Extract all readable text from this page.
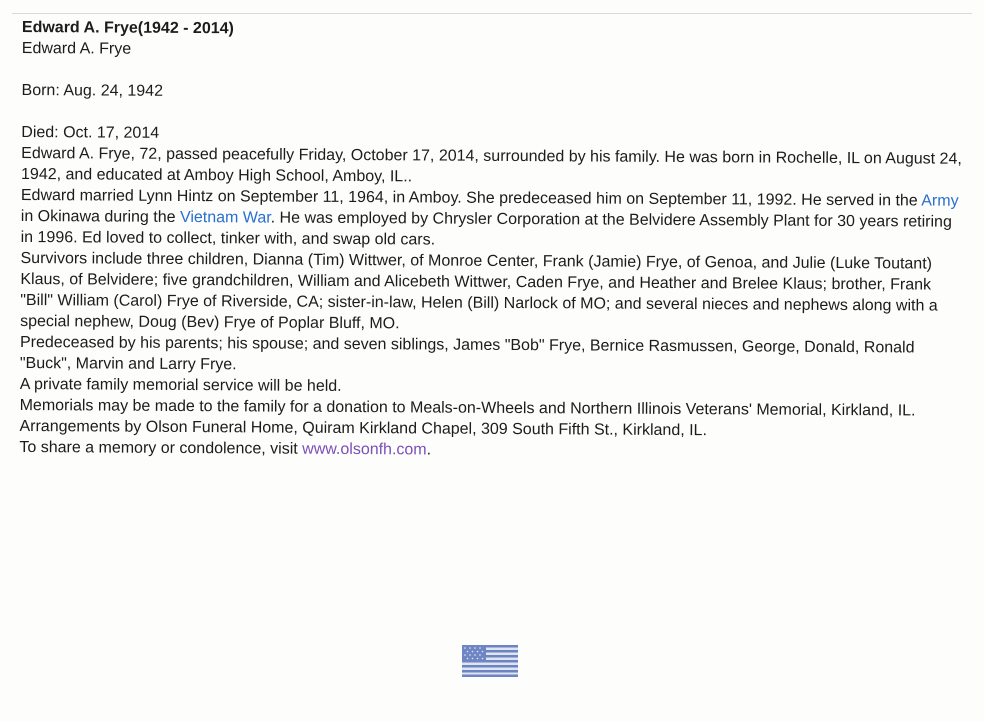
Edward A. Frye(1942 - 2014)

Edward A. Frye

Born: Aug. 24, 1942

Died: Oct. 17, 2014

Edward A. Frye, 72, passed peacefully Friday, October 17, 2014, surrounded by his family. He was born in Rochelle, IL on August 24, 1942, and educated at Amboy High School, Amboy, IL..

Edward married Lynn Hintz on September 11, 1964, in Amboy. She predeceased him on September 11, 1992. He served in the Army in Okinawa during the Vietnam War. He was employed by Chrysler Corporation at the Belvidere Assembly Plant for 30 years retiring in 1996. Ed loved to collect, tinker with, and swap old cars.

Survivors include three children, Dianna (Tim) Wittwer, of Monroe Center, Frank (Jamie) Frye, of Genoa, and Julie (Luke Toutant) Klaus, of Belvidere; five grandchildren, William and Alicebeth Wittwer, Caden Frye, and Heather and Brelee Klaus; brother, Frank "Bill" William (Carol) Frye of Riverside, CA; sister-in-law, Helen (Bill) Narlock of MO; and several nieces and nephews along with a special nephew, Doug (Bev) Frye of Poplar Bluff, MO.

Predeceased by his parents; his spouse; and seven siblings, James "Bob" Frye, Bernice Rasmussen, George, Donald, Ronald "Buck", Marvin and Larry Frye.

A private family memorial service will be held.

Memorials may be made to the family for a donation to Meals-on-Wheels and Northern Illinois Veterans' Memorial, Kirkland, IL.

Arrangements by Olson Funeral Home, Quiram Kirkland Chapel, 309 South Fifth St., Kirkland, IL.

To share a memory or condolence, visit www.olsonfh.com.
